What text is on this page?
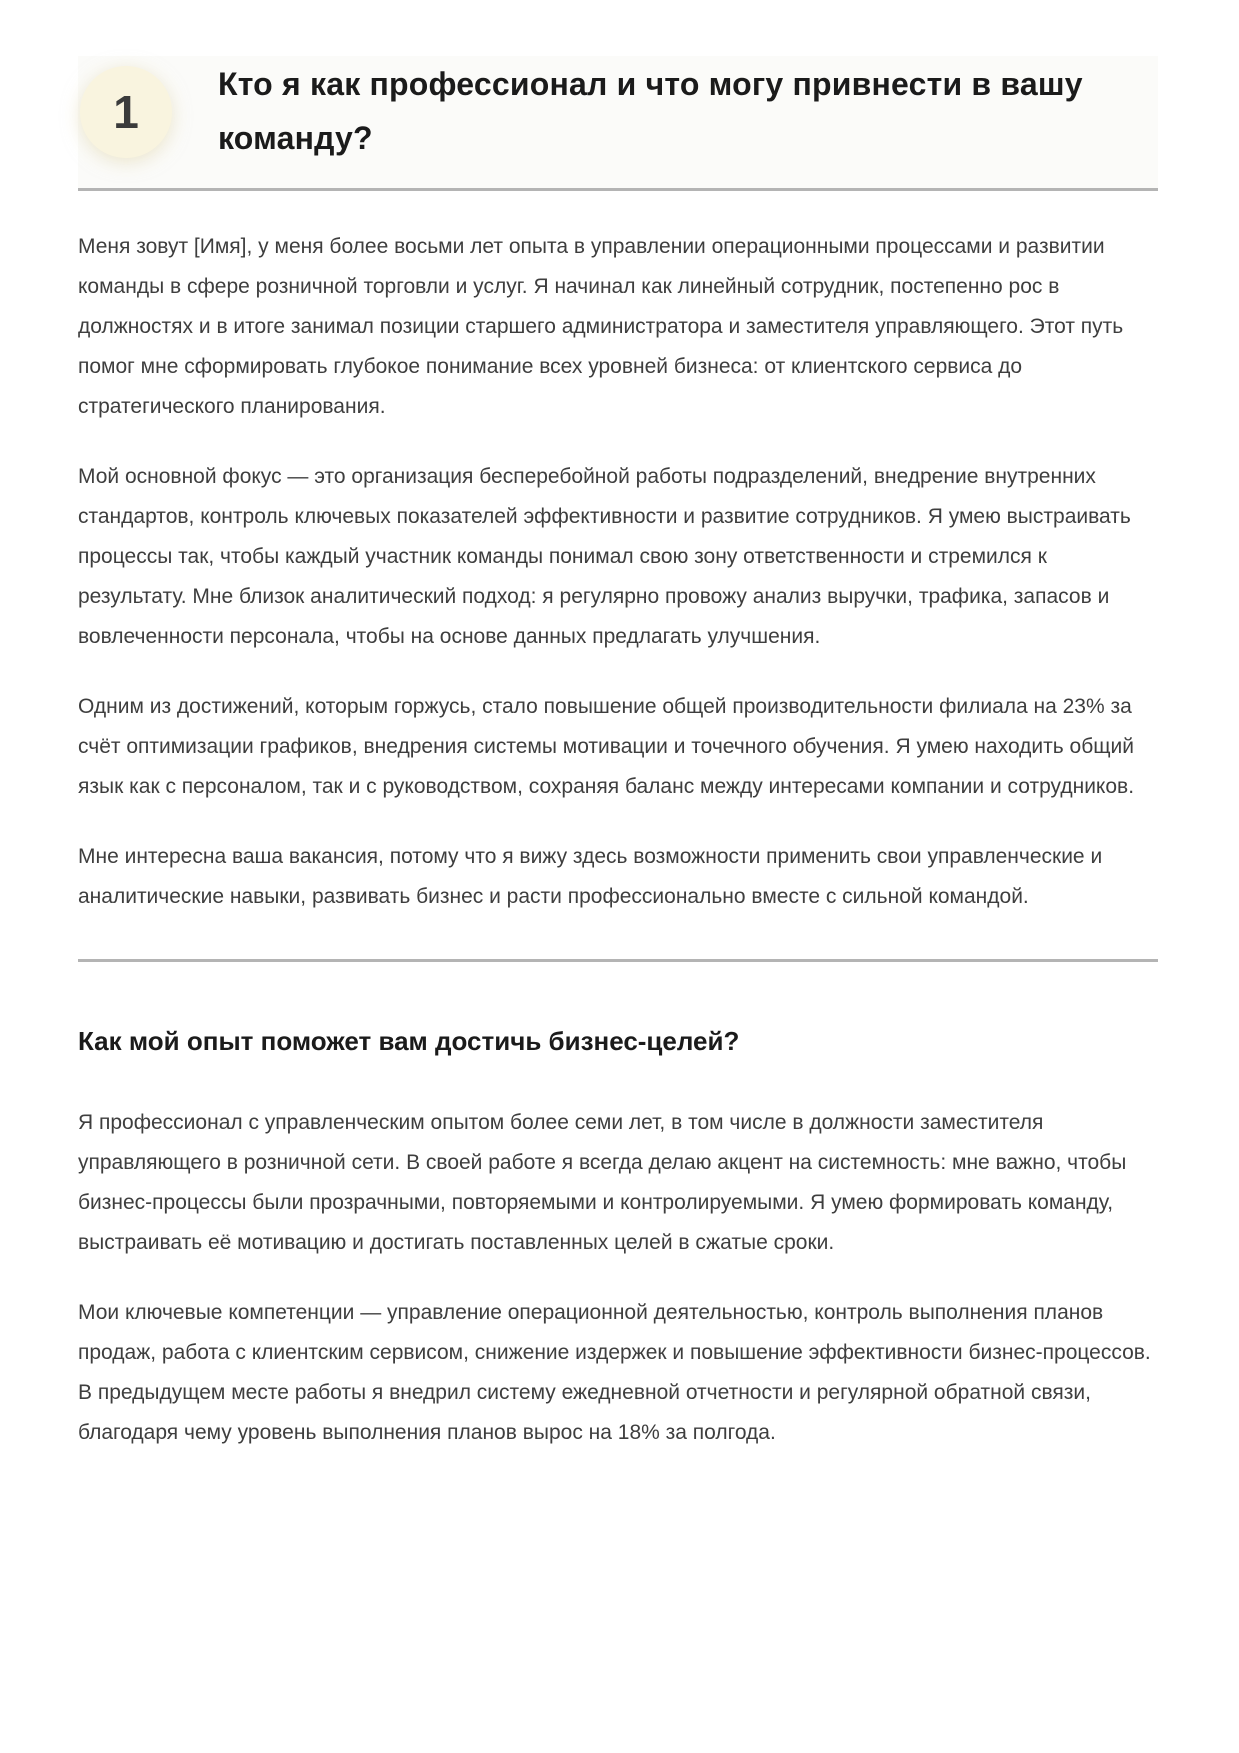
1
Кто я как профессионал и что могу привнести в вашу команду?

Меня зовут [Имя], у меня более восьми лет опыта в управлении операционными процессами и развитии команды в сфере розничной торговли и услуг. Я начинал как линейный сотрудник, постепенно рос в должностях и в итоге занимал позиции старшего администратора и заместителя управляющего. Этот путь помог мне сформировать глубокое понимание всех уровней бизнеса: от клиентского сервиса до стратегического планирования.

Мой основной фокус — это организация бесперебойной работы подразделений, внедрение внутренних стандартов, контроль ключевых показателей эффективности и развитие сотрудников. Я умею выстраивать процессы так, чтобы каждый участник команды понимал свою зону ответственности и стремился к результату. Мне близок аналитический подход: я регулярно провожу анализ выручки, трафика, запасов и вовлеченности персонала, чтобы на основе данных предлагать улучшения.

Одним из достижений, которым горжусь, стало повышение общей производительности филиала на 23% за счёт оптимизации графиков, внедрения системы мотивации и точечного обучения. Я умею находить общий язык как с персоналом, так и с руководством, сохраняя баланс между интересами компании и сотрудников.

Мне интересна ваша вакансия, потому что я вижу здесь возможности применить свои управленческие и аналитические навыки, развивать бизнес и расти профессионально вместе с сильной командой.

Как мой опыт поможет вам достичь бизнес-целей?

Я профессионал с управленческим опытом более семи лет, в том числе в должности заместителя управляющего в розничной сети. В своей работе я всегда делаю акцент на системность: мне важно, чтобы бизнес-процессы были прозрачными, повторяемыми и контролируемыми. Я умею формировать команду, выстраивать её мотивацию и достигать поставленных целей в сжатые сроки.

Мои ключевые компетенции — управление операционной деятельностью, контроль выполнения планов продаж, работа с клиентским сервисом, снижение издержек и повышение эффективности бизнес-процессов. В предыдущем месте работы я внедрил систему ежедневной отчетности и регулярной обратной связи, благодаря чему уровень выполнения планов вырос на 18% за полгода.
